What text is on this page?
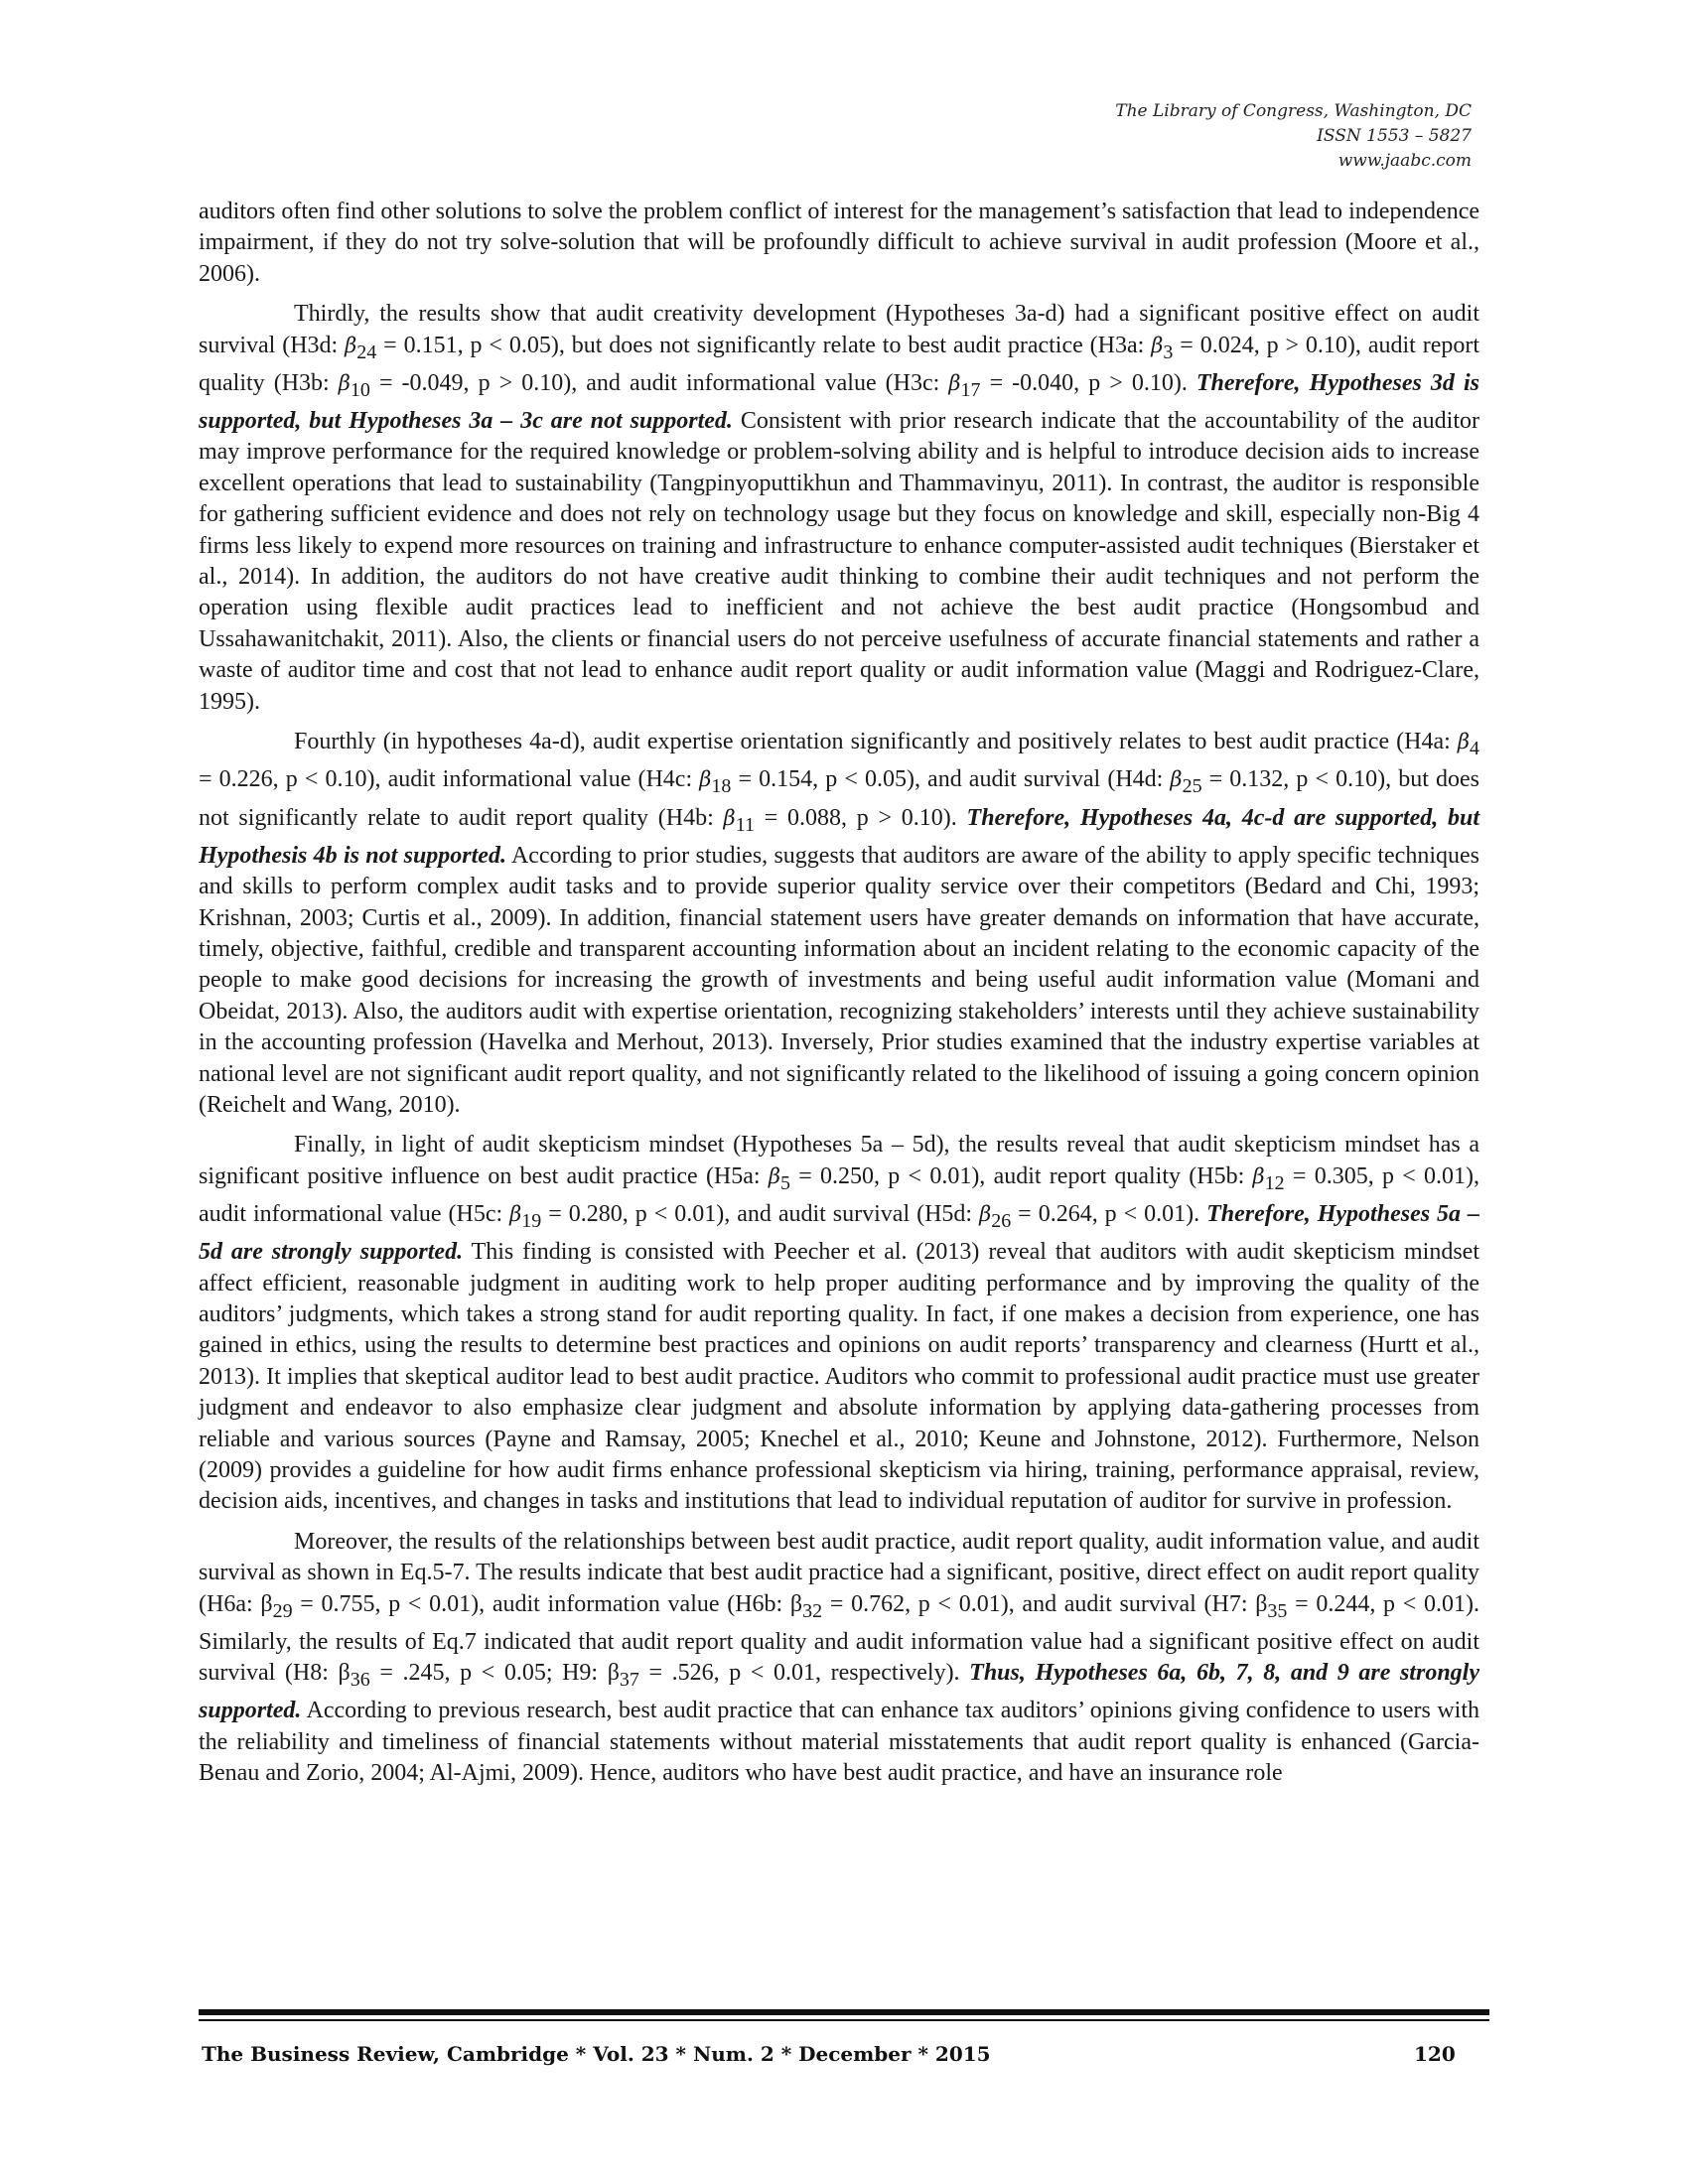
The Library of Congress, Washington, DC
ISSN 1553 – 5827
www.jaabc.com

auditors often find other solutions to solve the problem conflict of interest for the management’s satisfaction that lead to independence impairment, if they do not try solve-solution that will be profoundly difficult to achieve survival in audit profession (Moore et al., 2006).

Thirdly, the results show that audit creativity development (Hypotheses 3a-d) had a significant positive effect on audit survival (H3d: $\beta_{24} = 0.151$, p < 0.05), but does not significantly relate to best audit practice (H3a: $\beta_3 = 0.024$, p > 0.10), audit report quality (H3b: $\beta_{10} = -0.049$, p > 0.10), and audit informational value (H3c: $\beta_{17} = -0.040$, p > 0.10). Therefore, Hypotheses 3d is supported, but Hypotheses 3a – 3c are not supported. Consistent with prior research indicate that the accountability of the auditor may improve performance for the required knowledge or problem-solving ability and is helpful to introduce decision aids to increase excellent operations that lead to sustainability (Tangpinyoputtikhun and Thammavinyu, 2011). In contrast, the auditor is responsible for gathering sufficient evidence and does not rely on technology usage but they focus on knowledge and skill, especially non-Big 4 firms less likely to expend more resources on training and infrastructure to enhance computer-assisted audit techniques (Bierstaker et al., 2014). In addition, the auditors do not have creative audit thinking to combine their audit techniques and not perform the operation using flexible audit practices lead to inefficient and not achieve the best audit practice (Hongsombud and Ussahawanitchakit, 2011). Also, the clients or financial users do not perceive usefulness of accurate financial statements and rather a waste of auditor time and cost that not lead to enhance audit report quality or audit information value (Maggi and Rodriguez-Clare, 1995).

Fourthly (in hypotheses 4a-d), audit expertise orientation significantly and positively relates to best audit practice (H4a: $\beta_4 = 0.226$, p < 0.10), audit informational value (H4c: $\beta_{18} = 0.154$, p < 0.05), and audit survival (H4d: $\beta_{25} = 0.132$, p < 0.10), but does not significantly relate to audit report quality (H4b: $\beta_{11} = 0.088$, p > 0.10). Therefore, Hypotheses 4a, 4c-d are supported, but Hypothesis 4b is not supported. According to prior studies, suggests that auditors are aware of the ability to apply specific techniques and skills to perform complex audit tasks and to provide superior quality service over their competitors (Bedard and Chi, 1993; Krishnan, 2003; Curtis et al., 2009). In addition, financial statement users have greater demands on information that have accurate, timely, objective, faithful, credible and transparent accounting information about an incident relating to the economic capacity of the people to make good decisions for increasing the growth of investments and being useful audit information value (Momani and Obeidat, 2013). Also, the auditors audit with expertise orientation, recognizing stakeholders’ interests until they achieve sustainability in the accounting profession (Havelka and Merhout, 2013). Inversely, Prior studies examined that the industry expertise variables at national level are not significant audit report quality, and not significantly related to the likelihood of issuing a going concern opinion (Reichelt and Wang, 2010).

Finally, in light of audit skepticism mindset (Hypotheses 5a – 5d), the results reveal that audit skepticism mindset has a significant positive influence on best audit practice (H5a: $\beta_5 = 0.250$, p < 0.01), audit report quality (H5b: $\beta_{12} = 0.305$, p < 0.01), audit informational value (H5c: $\beta_{19} = 0.280$, p < 0.01), and audit survival (H5d: $\beta_{26} = 0.264$, p < 0.01). Therefore, Hypotheses 5a – 5d are strongly supported. This finding is consisted with Peecher et al. (2013) reveal that auditors with audit skepticism mindset affect efficient, reasonable judgment in auditing work to help proper auditing performance and by improving the quality of the auditors’ judgments, which takes a strong stand for audit reporting quality. In fact, if one makes a decision from experience, one has gained in ethics, using the results to determine best practices and opinions on audit reports’ transparency and clearness (Hurtt et al., 2013). It implies that skeptical auditor lead to best audit practice. Auditors who commit to professional audit practice must use greater judgment and endeavor to also emphasize clear judgment and absolute information by applying data-gathering processes from reliable and various sources (Payne and Ramsay, 2005; Knechel et al., 2010; Keune and Johnstone, 2012). Furthermore, Nelson (2009) provides a guideline for how audit firms enhance professional skepticism via hiring, training, performance appraisal, review, decision aids, incentives, and changes in tasks and institutions that lead to individual reputation of auditor for survive in profession.

Moreover, the results of the relationships between best audit practice, audit report quality, audit information value, and audit survival as shown in Eq.5-7. The results indicate that best audit practice had a significant, positive, direct effect on audit report quality (H6a: $\beta_{29} = 0.755$, p < 0.01), audit information value (H6b: $\beta_{32} = 0.762$, p < 0.01), and audit survival (H7: $\beta_{35} = 0.244$, p < 0.01). Similarly, the results of Eq.7 indicated that audit report quality and audit information value had a significant positive effect on audit survival (H8: $\beta_{36} = .245$, p < 0.05; H9: $\beta_{37} = .526$, p < 0.01, respectively). Thus, Hypotheses 6a, 6b, 7, 8, and 9 are strongly supported. According to previous research, best audit practice that can enhance tax auditors’ opinions giving confidence to users with the reliability and timeliness of financial statements without material misstatements that audit report quality is enhanced (Garcia-Benau and Zorio, 2004; Al-Ajmi, 2009). Hence, auditors who have best audit practice, and have an insurance role

The Business Review, Cambridge * Vol. 23 * Num. 2 * December * 2015	120
